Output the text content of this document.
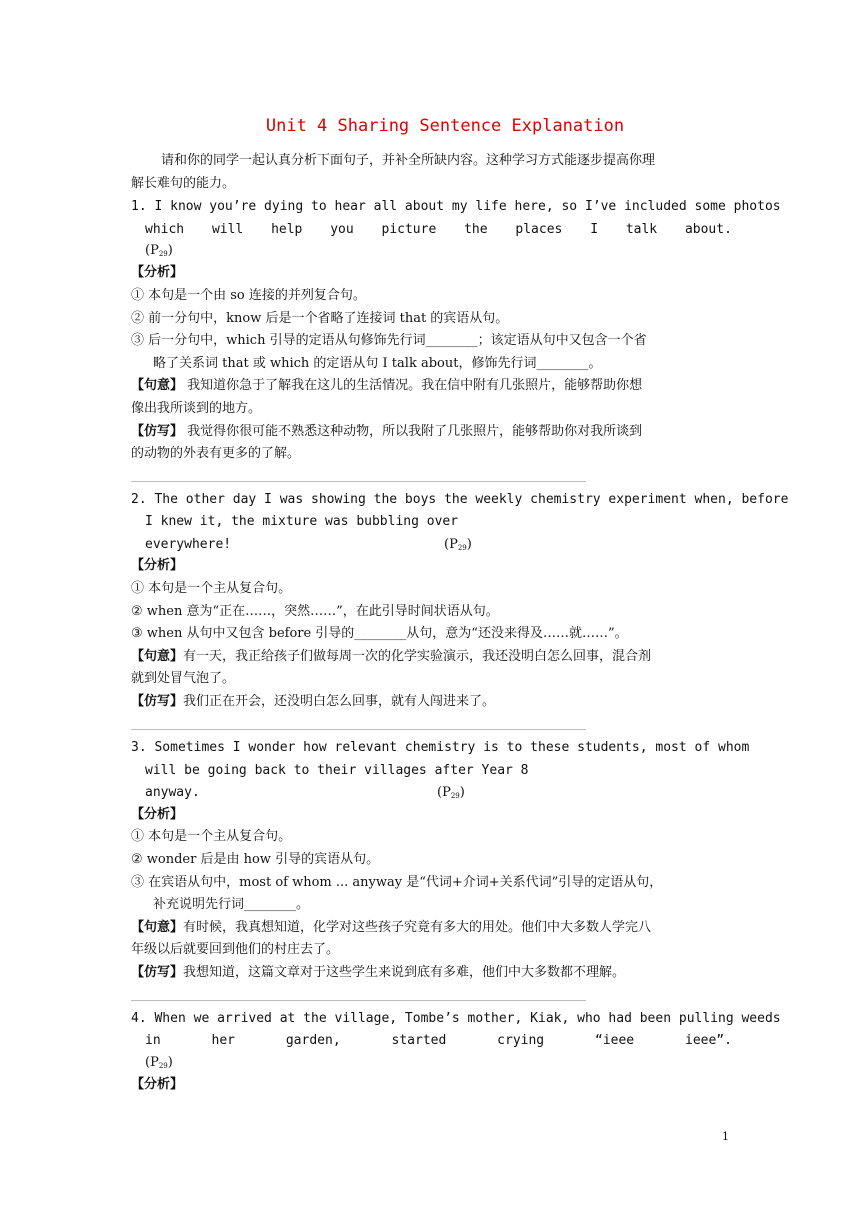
Unit 4 Sharing Sentence Explanation
请和你的同学一起认真分析下面句子，并补全所缺内容。这种学习方式能逐步提高你理
解长难句的能力。
1. I know you’re dying to hear all about my life here, so I’ve included some photos
which will help you picture the places I talk about.
$(P_{29})$
【分析】
① 本句是一个由 so 连接的并列复合句。
② 前一分句中，know 后是一个省略了连接词 that 的宾语从句。
③ 后一分句中，which 引导的定语从句修饰先行词________；该定语从句中又包含一个省
略了关系词 that 或 which 的定语从句 I talk about，修饰先行词________。
【句意】 我知道你急于了解我在这儿的生活情况。我在信中附有几张照片，能够帮助你想
像出我所谈到的地方。
【仿写】 我觉得你很可能不熟悉这种动物，所以我附了几张照片，能够帮助你对我所谈到
的动物的外表有更多的了解。
2. The other day I was showing the boys the weekly chemistry experiment when, before
I knew it, the mixture was bubbling over
everywhere!	$(P_{29})$
【分析】
① 本句是一个主从复合句。
② when 意为“正在……，突然……”，在此引导时间状语从句。
③ when 从句中又包含 before 引导的________从句，意为“还没来得及……就……”。
【句意】有一天，我正给孩子们做每周一次的化学实验演示，我还没明白怎么回事，混合剂
就到处冒气泡了。
【仿写】我们正在开会，还没明白怎么回事，就有人闯进来了。
3. Sometimes I wonder how relevant chemistry is to these students, most of whom
will be going back to their villages after Year 8
anyway.	$(P_{29})$
【分析】
① 本句是一个主从复合句。
② wonder 后是由 how 引导的宾语从句。
③ 在宾语从句中，most of whom ... anyway 是“代词+介词+关系代词”引导的定语从句，
补充说明先行词________。
【句意】有时候，我真想知道，化学对这些孩子究竟有多大的用处。他们中大多数人学完八
年级以后就要回到他们的村庄去了。
【仿写】我想知道，这篇文章对于这些学生来说到底有多难，他们中大多数都不理解。
4. When we arrived at the village, Tombe’s mother, Kiak, who had been pulling weeds
in	her	garden,	started	crying	“ieee	ieee”.
$(P_{29})$
【分析】
1
